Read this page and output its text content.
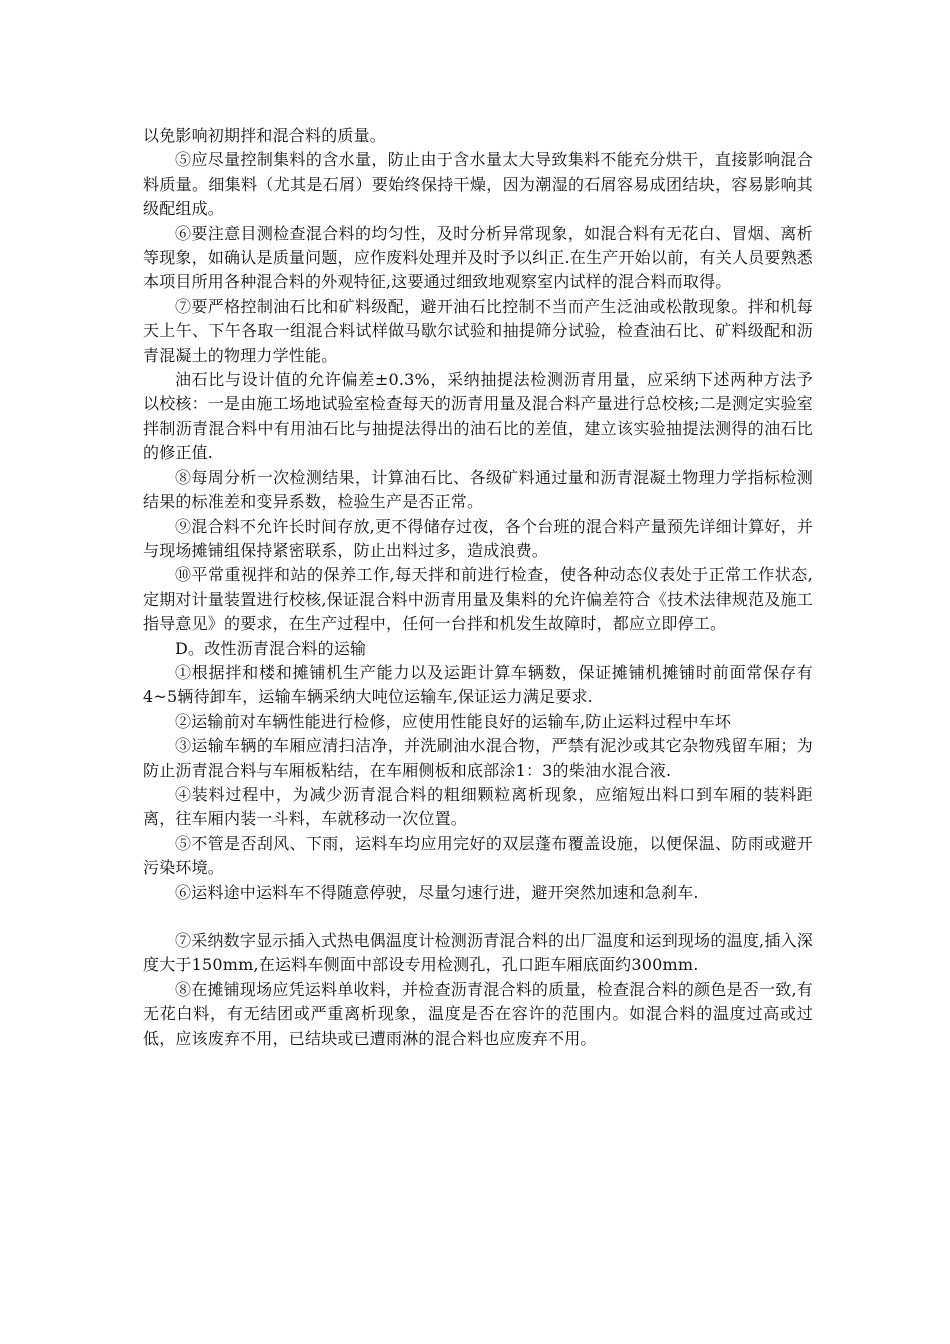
以免影响初期拌和混合料的质量。

⑤应尽量控制集料的含水量，防止由于含水量太大导致集料不能充分烘干，直接影响混合料质量。细集料（尤其是石屑）要始终保持干燥，因为潮湿的石屑容易成团结块，容易影响其级配组成。

⑥要注意目测检查混合料的均匀性，及时分析异常现象，如混合料有无花白、冒烟、离析等现象，如确认是质量问题，应作废料处理并及时予以纠正.在生产开始以前，有关人员要熟悉本项目所用各种混合料的外观特征,这要通过细致地观察室内试样的混合料而取得。

⑦要严格控制油石比和矿料级配，避开油石比控制不当而产生泛油或松散现象。拌和机每天上午、下午各取一组混合料试样做马歇尔试验和抽提筛分试验，检查油石比、矿料级配和沥青混凝土的物理力学性能。

油石比与设计值的允许偏差±0.3%，采纳抽提法检测沥青用量，应采纳下述两种方法予以校核：一是由施工场地试验室检查每天的沥青用量及混合料产量进行总校核;二是测定实验室拌制沥青混合料中有用油石比与抽提法得出的油石比的差值，建立该实验抽提法测得的油石比的修正值.

⑧每周分析一次检测结果，计算油石比、各级矿料通过量和沥青混凝土物理力学指标检测结果的标准差和变异系数，检验生产是否正常。

⑨混合料不允许长时间存放,更不得储存过夜，各个台班的混合料产量预先详细计算好，并与现场摊铺组保持紧密联系，防止出料过多，造成浪费。

⑩平常重视拌和站的保养工作,每天拌和前进行检查，使各种动态仪表处于正常工作状态,定期对计量装置进行校核,保证混合料中沥青用量及集料的允许偏差符合《技术法律规范及施工指导意见》的要求，在生产过程中，任何一台拌和机发生故障时，都应立即停工。

D。改性沥青混合料的运输

①根据拌和楼和摊铺机生产能力以及运距计算车辆数，保证摊铺机摊铺时前面常保存有4~5辆待卸车，运输车辆采纳大吨位运输车,保证运力满足要求.

②运输前对车辆性能进行检修，应使用性能良好的运输车,防止运料过程中车坏

③运输车辆的车厢应清扫洁净，并洗刷油水混合物，严禁有泥沙或其它杂物残留车厢；为防止沥青混合料与车厢板粘结，在车厢侧板和底部涂1：3的柴油水混合液.

④装料过程中，为减少沥青混合料的粗细颗粒离析现象，应缩短出料口到车厢的装料距离，往车厢内装一斗料，车就移动一次位置。

⑤不管是否刮风、下雨，运料车均应用完好的双层蓬布覆盖设施，以便保温、防雨或避开污染环境。

⑥运料途中运料车不得随意停驶，尽量匀速行进，避开突然加速和急刹车.

⑦采纳数字显示插入式热电偶温度计检测沥青混合料的出厂温度和运到现场的温度,插入深度大于150mm,在运料车侧面中部设专用检测孔，孔口距车厢底面约300mm.

⑧在摊铺现场应凭运料单收料，并检查沥青混合料的质量，检查混合料的颜色是否一致,有无花白料，有无结团或严重离析现象，温度是否在容许的范围内。如混合料的温度过高或过低，应该废弃不用，已结块或已遭雨淋的混合料也应废弃不用。
